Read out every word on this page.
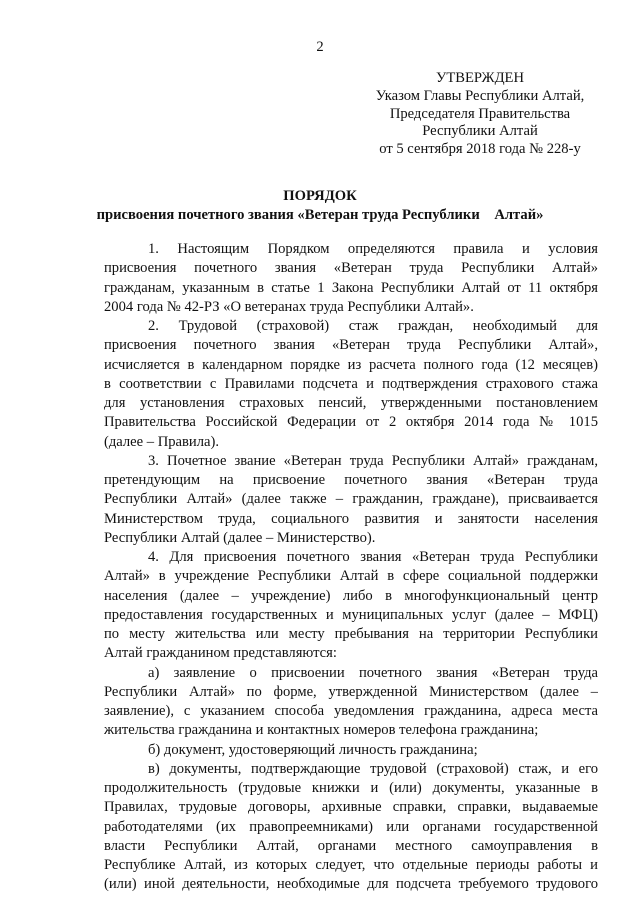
2
УТВЕРЖДЕН
Указом Главы Республики Алтай,
Председателя Правительства
Республики Алтай
от 5 сентября 2018 года № 228-у
ПОРЯДОК
присвоения почетного звания «Ветеран труда Республики    Алтай»
1. Настоящим Порядком определяются правила и условия
присвоения почетного звания «Ветеран труда Республики Алтай»
гражданам, указанным в статье 1 Закона Республики Алтай от 11 октября
2004 года № 42-РЗ «О ветеранах труда Республики Алтай».
2. Трудовой (страховой) стаж граждан, необходимый для
присвоения почетного звания «Ветеран труда Республики Алтай»,
исчисляется в календарном порядке из расчета полного года (12 месяцев)
в соответствии с Правилами подсчета и подтверждения страхового стажа
для установления страховых пенсий, утвержденными постановлением
Правительства Российской Федерации от 2 октября 2014 года № 1015
(далее – Правила).
3. Почетное звание «Ветеран труда Республики Алтай» гражданам,
претендующим на присвоение почетного звания «Ветеран труда
Республики Алтай» (далее также – гражданин, граждане), присваивается
Министерством труда, социального развития и занятости населения
Республики Алтай (далее – Министерство).
4. Для присвоения почетного звания «Ветеран труда Республики
Алтай» в учреждение Республики Алтай в сфере социальной поддержки
населения (далее – учреждение) либо в многофункциональный центр
предоставления государственных и муниципальных услуг (далее – МФЦ)
по месту жительства или месту пребывания на территории Республики
Алтай гражданином представляются:
а) заявление о присвоении почетного звания «Ветеран труда
Республики Алтай» по форме, утвержденной Министерством (далее –
заявление), с указанием способа уведомления гражданина, адреса места
жительства гражданина и контактных номеров телефона гражданина;
б) документ, удостоверяющий личность гражданина;
в) документы, подтверждающие трудовой (страховой) стаж, и его
продолжительность (трудовые книжки и (или) документы, указанные в
Правилах, трудовые договоры, архивные справки, справки, выдаваемые
работодателями (их правопреемниками) или органами государственной
власти Республики Алтай, органами местного самоуправления в
Республике Алтай, из которых следует, что отдельные периоды работы и
(или) иной деятельности, необходимые для подсчета требуемого трудового
